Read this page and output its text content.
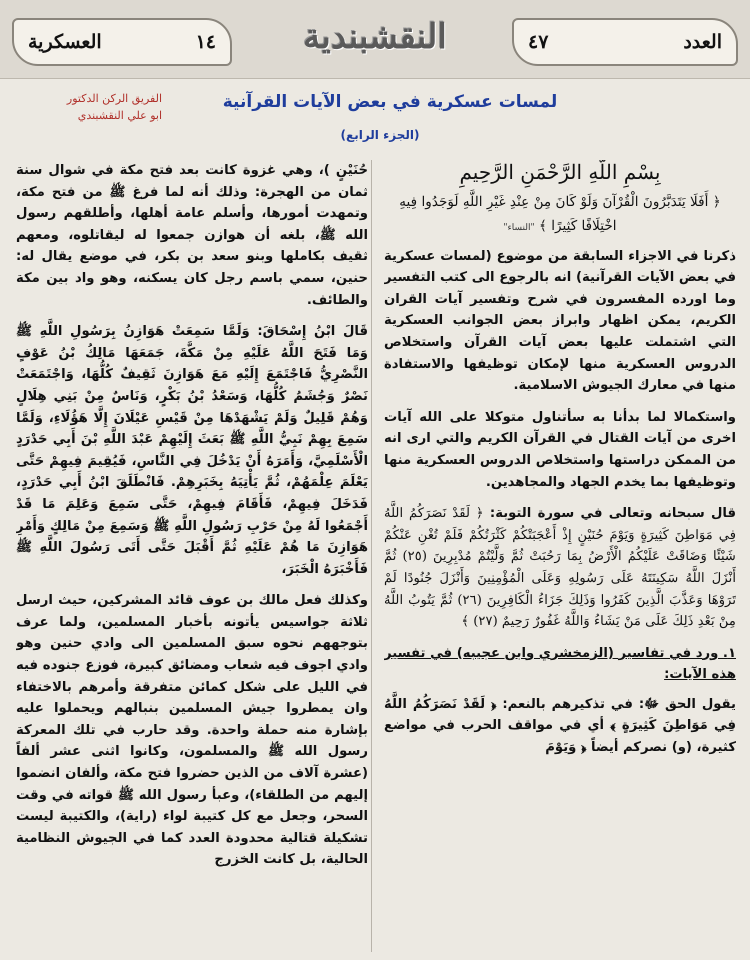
العسكرية	١٤	النقشبندية	٤٧	العدد
الفريق الركن الدكتور
ابو علي النقشبندي
لمسات عسكرية في بعض الآيات القرآنية
(الجزء الرابع)
بِسْمِ اللَّهِ الرَّحْمَنِ الرَّحِيمِ
﴿ أَفَلَا يَتَدَبَّرُونَ الْقُرْآنَ وَلَوْ كَانَ مِنْ عِنْدِ غَيْرِ اللَّهِ لَوَجَدُوا فِيهِ اخْتِلَافًا كَثِيرًا ﴾ "النساء"

ذكرنا في الاجزاء السابقة من موضوع (لمسات عسكرية في بعض الآيات القرآنية) انه بالرجوع الى كتب التفسير وما اورده المفسرون في شرح وتفسير آيات القران الكريم، يمكن اظهار وابراز بعض الجوانب العسكرية التي اشتملت عليها بعض آيات القرآن واستخلاص الدروس العسكرية منها لإمكان توظيفها والاستفادة منها في معارك الجيوش الاسلامية.

واستكمالا لما بدأنا به سأتناول متوكلا على الله آيات اخرى من آيات القتال في القرآن الكريم والتي ارى انه من الممكن دراستها واستخلاص الدروس العسكرية منها وتوظيفها بما يخدم الجهاد والمجاهدين.

قال سبحانه وتعالى في سورة التوبة: ﴿ لَقَدْ نَصَرَكُمُ اللَّهُ فِي مَوَاطِنَ كَثِيرَةٍ وَيَوْمَ حُنَيْنٍ إِذْ أَعْجَبَتْكُمْ كَثْرَتُكُمْ فَلَمْ تُغْنِ عَنْكُمْ شَيْئًا وَضَاقَتْ عَلَيْكُمُ الْأَرْضُ بِمَا رَحُبَتْ ثُمَّ وَلَّيْتُمْ مُدْبِرِينَ (٢٥) ثُمَّ أَنْزَلَ اللَّهُ سَكِينَتَهُ عَلَى رَسُولِهِ وَعَلَى الْمُؤْمِنِينَ وَأَنْزَلَ جُنُودًا لَمْ تَرَوْهَا وَعَذَّبَ الَّذِينَ كَفَرُوا وَذَلِكَ جَزَاءُ الْكَافِرِينَ (٢٦) ثُمَّ يَتُوبُ اللَّهُ مِنْ بَعْدِ ذَلِكَ عَلَى مَنْ يَشَاءُ وَاللَّهُ غَفُورٌ رَحِيمٌ (٢٧) ﴾

١. ورد في تفاسير (الزمخشري وابن عجيبه) في تفسير هذه الآيات:

يقول الحق ﷻ: في تذكيرهم بالنعم: ﴿ لَقَدْ نَصَرَكُمُ اللَّهُ فِي مَوَاطِنَ كَثِيرَةٍ ﴾ أي في مواقف الحرب في مواضع كثيرة، (و) نصركم أيضاً ﴿ وَيَوْمَ

حُنَيْنٍ )، وهي غزوة كانت بعد فتح مكة في شوال سنة ثمان من الهجرة: وذلك أنه لما فرغ ﷺ من فتح مكة، وتمهدت أمورها، وأسلم عامة أهلها، وأطلقهم رسول الله ﷺ، بلغه أن هوازن جمعوا له ليقاتلوه، ومعهم ثقيف بكاملها وبنو سعد بن بكر، في موضع يقال له: حنين، سمي باسم رجل كان يسكنه، وهو واد بين مكة والطائف.

قَالَ ابْنُ إِسْحَاقَ: وَلَمَّا سَمِعَتْ هَوَازِنُ بِرَسُولِ اللَّهِ ﷺ وَمَا فَتَحَ اللَّهُ عَلَيْهِ مِنْ مَكَّةَ، جَمَعَهَا مَالِكُ بْنُ عَوْفٍ النَّصْرِيُّ فَاجْتَمَعَ إِلَيْهِ مَعَ هَوَازِنَ ثَقِيفٌ كُلُّهَا، وَاجْتَمَعَتْ نَصْرٌ وَجُشَمُ كُلُّهَا، وَسَعْدُ بْنُ بَكْرٍ، وَنَاسٌ مِنْ بَنِي هِلَالٍ وَهُمْ قَلِيلٌ وَلَمْ يَشْهَدْهَا مِنْ قَيْسِ عَيْلَانَ إِلَّا هَؤُلَاءِ، وَلَمَّا سَمِعَ بِهِمْ نَبِيُّ اللَّهِ ﷺ بَعَثَ إِلَيْهِمْ عَبْدَ اللَّهِ بْنَ أَبِي حَدْرَدٍ الْأَسْلَمِيَّ، وَأَمَرَهُ أَنْ يَدْخُلَ فِي النَّاسِ، فَيُقِيمَ فِيهِمْ حَتَّى يَعْلَمَ عِلْمَهُمْ، ثُمَّ يَأْتِيَهُ بِخَبَرِهِمْ. فَانْطَلَقَ ابْنُ أَبِي حَدْرَدٍ، فَدَخَلَ فِيهِمْ، فَأَقَامَ فِيهِمْ، حَتَّى سَمِعَ وَعَلِمَ مَا قَدْ أَجْمَعُوا لَهُ مِنْ حَرْبِ رَسُولِ اللَّهِ ﷺ وَسَمِعَ مِنْ مَالِكٍ وَأَمْرِ هَوَازِنَ مَا هُمْ عَلَيْهِ ثُمَّ أَقْبَلَ حَتَّى أَتَى رَسُولَ اللَّهِ ﷺ فَأَخْبَرَهُ الْخَبَرَ،

وكذلك فعل مالك بن عوف قائد المشركين، حيث ارسل ثلاثة جواسيس يأتونه بأخبار المسلمين، ولما عرف بتوجههم نحوه سبق المسلمين الى وادي حنين وهو وادي اجوف فيه شعاب ومضائق كبيرة، فوزع جنوده فيه في الليل على شكل كمائن متفرقة وأمرهم بالاختفاء وان يمطروا جيش المسلمين بنبالهم ويحملوا عليه بإشارة منه حملة واحدة. وقد حارب في تلك المعركة رسول الله ﷺ والمسلمون، وكانوا اثنى عشر ألفاً (عشرة آلاف من الذين حضروا فتح مكة، وألفان انضموا إليهم من الطلقاء)، وعبأ رسول الله ﷺ قواته في وقت السحر، وجعل مع كل كتيبة لواء (راية)، والكتيبة ليست تشكيلة قتالية محدودة العدد كما في الجيوش النظامية الحالية، بل كانت الخزرج
